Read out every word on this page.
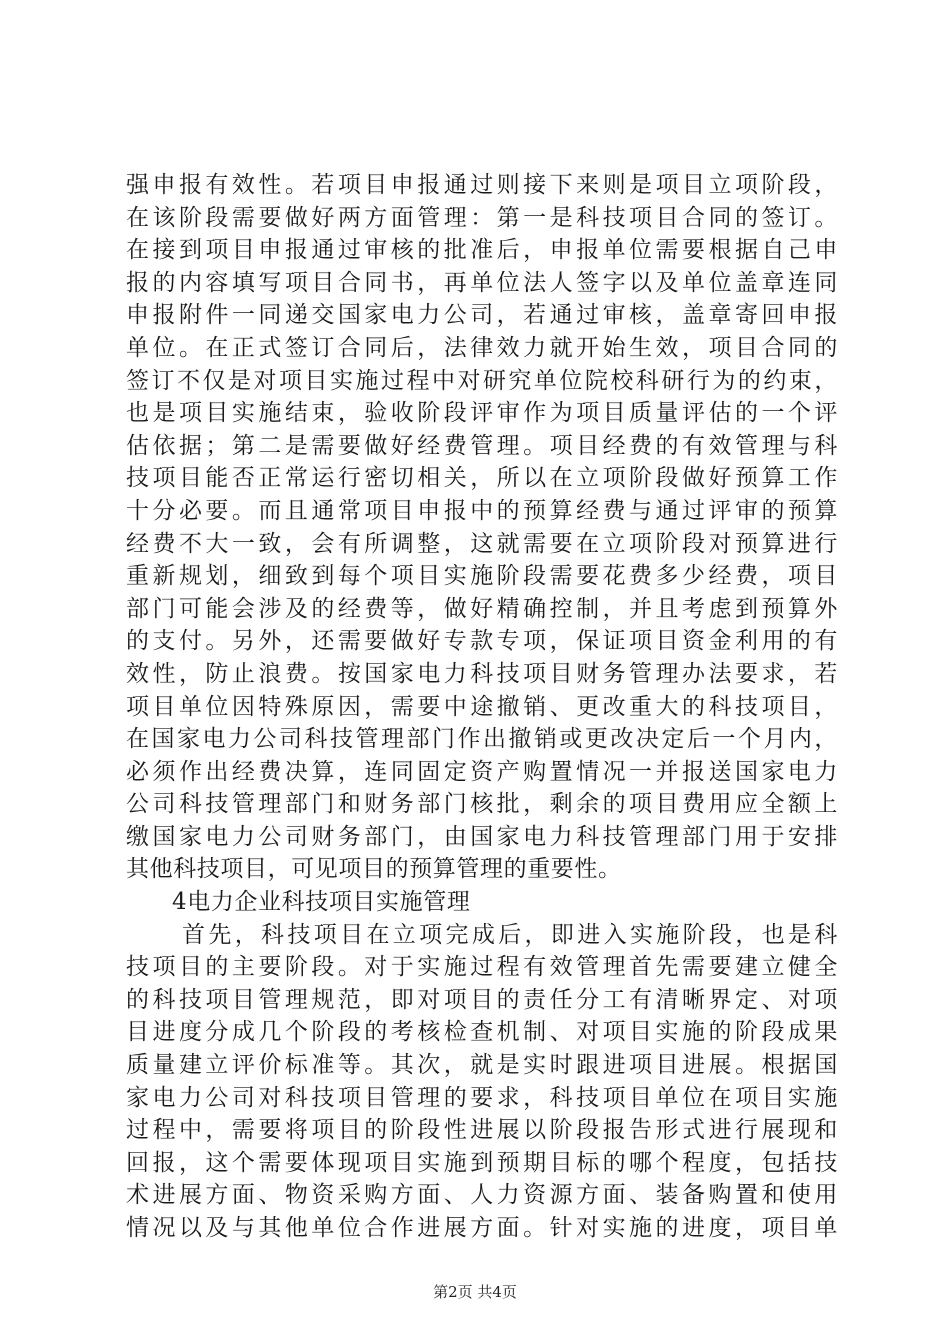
强申报有效性。若项目申报通过则接下来则是项目立项阶段，
在该阶段需要做好两方面管理：第一是科技项目合同的签订。
在接到项目申报通过审核的批准后，申报单位需要根据自己申
报的内容填写项目合同书，再单位法人签字以及单位盖章连同
申报附件一同递交国家电力公司，若通过审核，盖章寄回申报
单位。在正式签订合同后，法律效力就开始生效，项目合同的
签订不仅是对项目实施过程中对研究单位院校科研行为的约束，
也是项目实施结束，验收阶段评审作为项目质量评估的一个评
估依据；第二是需要做好经费管理。项目经费的有效管理与科
技项目能否正常运行密切相关，所以在立项阶段做好预算工作
十分必要。而且通常项目申报中的预算经费与通过评审的预算
经费不大一致，会有所调整，这就需要在立项阶段对预算进行
重新规划，细致到每个项目实施阶段需要花费多少经费，项目
部门可能会涉及的经费等，做好精确控制，并且考虑到预算外
的支付。另外，还需要做好专款专项，保证项目资金利用的有
效性，防止浪费。按国家电力科技项目财务管理办法要求，若
项目单位因特殊原因，需要中途撤销、更改重大的科技项目，
在国家电力公司科技管理部门作出撤销或更改决定后一个月内，
必须作出经费决算，连同固定资产购置情况一并报送国家电力
公司科技管理部门和财务部门核批，剩余的项目费用应全额上
缴国家电力公司财务部门，由国家电力科技管理部门用于安排
其他科技项目，可见项目的预算管理的重要性。
4电力企业科技项目实施管理
首先，科技项目在立项完成后，即进入实施阶段，也是科
技项目的主要阶段。对于实施过程有效管理首先需要建立健全
的科技项目管理规范，即对项目的责任分工有清晰界定、对项
目进度分成几个阶段的考核检查机制、对项目实施的阶段成果
质量建立评价标准等。其次，就是实时跟进项目进展。根据国
家电力公司对科技项目管理的要求，科技项目单位在项目实施
过程中，需要将项目的阶段性进展以阶段报告形式进行展现和
回报，这个需要体现项目实施到预期目标的哪个程度，包括技
术进展方面、物资采购方面、人力资源方面、装备购置和使用
情况以及与其他单位合作进展方面。针对实施的进度，项目单
第2页 共4页
